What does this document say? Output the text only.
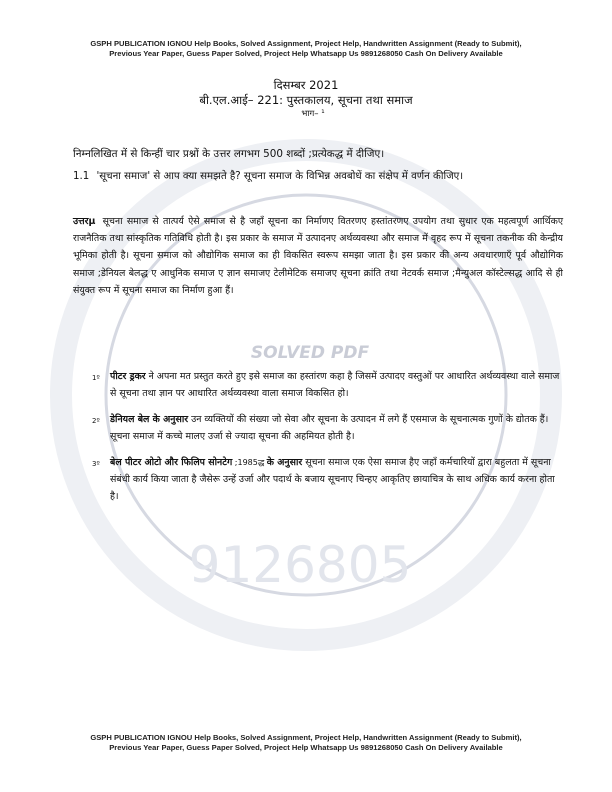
SOLVED PDF
9126805
GSPH PUBLICATION IGNOU Help Books, Solved Assignment, Project Help, Handwritten Assignment (Ready to Submit),
Previous Year Paper, Guess Paper Solved, Project Help Whatsapp Us 9891268050 Cash On Delivery Available
दिसम्बर 2021
बी.एल.आई– 221: पुस्तकालय, सूचना तथा समाज
भाग– ¹
निम्नलिखित में से किन्हीं चार प्रश्नों के उत्तर लगभग 500 शब्दों ;प्रत्येकद्ध में दीजिए।
1.1 'सूचना समाज' से आप क्या समझते है? सूचना समाज के विभिन्न अवबोधें का संक्षेप में वर्णन कीजिए।
उत्तरµ सूचना समाज से तात्पर्य ऐसे समाज से है जहाँ सूचना का निर्माणए वितरणए हस्तांतरणए उपयोग तथा सुधार एक महत्वपूर्ण आर्थिकए राजनैतिक तथा सांस्कृतिक गतिविधि होती है। इस प्रकार के समाज में उत्पादनए अर्थव्यवस्था और समाज में वृहद रूप में सूचना तकनीक की केन्द्रीय भूमिका होती है। सूचना समाज को औद्योगिक समाज का ही विकसित स्वरूप समझा जाता है। इस प्रकार की अन्य अवधारणाएँ पूर्व औद्योगिक समाज ;डेनियल बेलद्ध ए आधुनिक समाज ए ज्ञान समाजए टेलीमेटिक समाजए सूचना क्रांति तथा नेटवर्क समाज ;मैन्युअल कॉस्टेल्सद्ध आदि से ही संयुक्त रूप में सूचना समाज का निर्माण हुआ हैं।
1º	पीटर ड्रकर ने अपना मत प्रस्तुत करते हुए इसे समाज का हस्तांरण कहा है जिसमें उत्पादए वस्तुओं पर आधारित अर्थव्यवस्था वाले समाज से सूचना तथा ज्ञान पर आधारित अर्थव्यवस्था वाला समाज विकसित हो।
2º	डेनियल बेल के अनुसार उन व्यक्तियों की संख्या जो सेवा और सूचना के उत्पादन में लगे हैं एसमाज के सूचनात्मक गुणों के द्योतक हैं। सूचना समाज में कच्चे मालए उर्जा से ज्यादा सूचना की अहमियत होती है।
3º	बेल पीटर ओटो और फिलिप सोनटेग ;1985द्ध के अनुसार सूचना समाज एक ऐसा समाज हैए जहाँ कर्मचारियों द्वारा बहुलता में सूचना संबंधी कार्य किया जाता है जैसेरू उन्हें उर्जा और पदार्थ के बजाय सूचनाए चिन्हए आकृतिए छायाचित्र के साथ अधिक कार्य करना होता है।
GSPH PUBLICATION IGNOU Help Books, Solved Assignment, Project Help, Handwritten Assignment (Ready to Submit),
Previous Year Paper, Guess Paper Solved, Project Help Whatsapp Us 9891268050 Cash On Delivery Available
